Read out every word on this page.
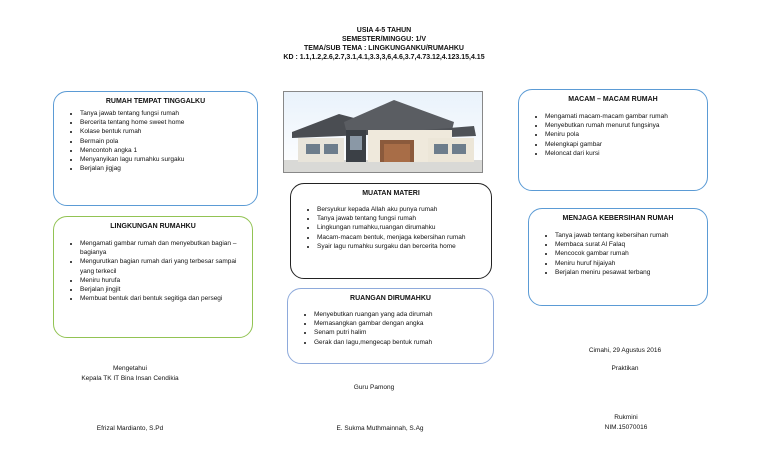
USIA 4-5 TAHUN
SEMESTER/MINGGU: 1/V
TEMA/SUB TEMA : LINGKUNGANKU/RUMAHKU
KD : 1.1,1.2,2.6,2.7,3.1,4.1,3.3,3,6,4.6,3.7,4.73.12,4.123.15,4.15
RUMAH TEMPAT TINGGALKU
• Tanya jawab tentang fungsi rumah
• Bercerita tentang home sweet home
• Kolase bentuk rumah
• Bermain pola
• Mencontoh angka 1
• Menyanyikan lagu rumahku surgaku
• Berjalan jigjag
LINGKUNGAN RUMAHKU
• Mengamati gambar rumah dan menyebutkan bagian – bagianya
• Mengurutkan bagian rumah dari yang terbesar sampai yang terkecil
• Meniru hurufa
• Berjalan jingjit
• Membuat bentuk dari bentuk segitiga dan persegi
MUATAN MATERI
• Bersyukur kepada Allah aku punya rumah
• Tanya jawab tentang fungsi rumah
• Lingkungan rumahku,ruangan dirumahku
• Macam-macam bentuk, menjaga kebersihan rumah
• Syair lagu rumahku surgaku dan bercerita home
RUANGAN DIRUMAHKU
• Menyebutkan ruangan yang ada dirumah
• Memasangkan gambar dengan angka
• Senam putri halim
• Gerak dan lagu,mengecap bentuk rumah
MACAM – MACAM RUMAH
• Mengamati macam-macam gambar rumah
• Menyebutkan rumah menurut fungsinya
• Meniru pola
• Melengkapi gambar
• Meloncat dari kursi
MENJAGA KEBERSIHAN RUMAH
• Tanya jawab tentang kebersihan rumah
• Membaca surat Al Falaq
• Mencocok gambar rumah
• Meniru huruf hijaiyah
• Berjalan meniru pesawat terbang
Mengetahui
Kepala TK IT Bina Insan Cendikia
Efrizal Mardianto, S.Pd
Guru Pamong
E. Sukma Muthmainnah, S.Ag
Cimahi, 29 Agustus 2016
Praktikan
Rukmini
NIM.15070016
